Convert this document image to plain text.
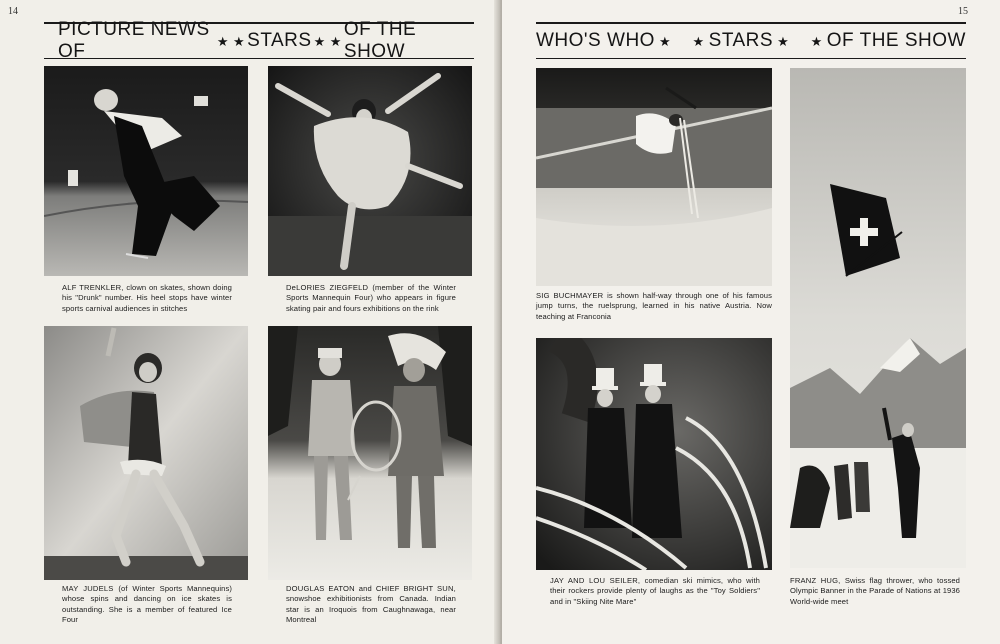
14
PICTURE NEWS OF	★ ★ STARS ★ ★
OF THE SHOW
ALF TRENKLER, clown on skates, shown doing his "Drunk" number. His heel stops have winter sports carnival audiences in stitches
DeLORIES ZIEGFELD (member of the Winter Sports Mannequin Four) who appears in figure skating pair and fours exhibitions on the rink
MAY JUDELS (of Winter Sports Mannequins) whose spins and dancing on ice skates is outstanding. She is a member of featured Ice Four
DOUGLAS EATON and CHIEF BRIGHT SUN, snowshoe exhibitionists from Canada. Indian star is an Iroquois from Caughnawaga, near Montreal
15
WHO'S WHO ★ ★ STARS ★ ★ OF THE SHOW
SIG BUCHMAYER is shown half-way through one of his famous jump turns, the ruelsprung, learned in his native Austria. Now teaching at Franconia
FRANZ HUG, Swiss flag thrower, who tossed Olympic Banner in the Parade of Nations at 1936 World-wide meet
JAY AND LOU SEILER, comedian ski mimics, who with their rockers provide plenty of laughs as the "Toy Soldiers" and in "Skiing Nite Mare"
